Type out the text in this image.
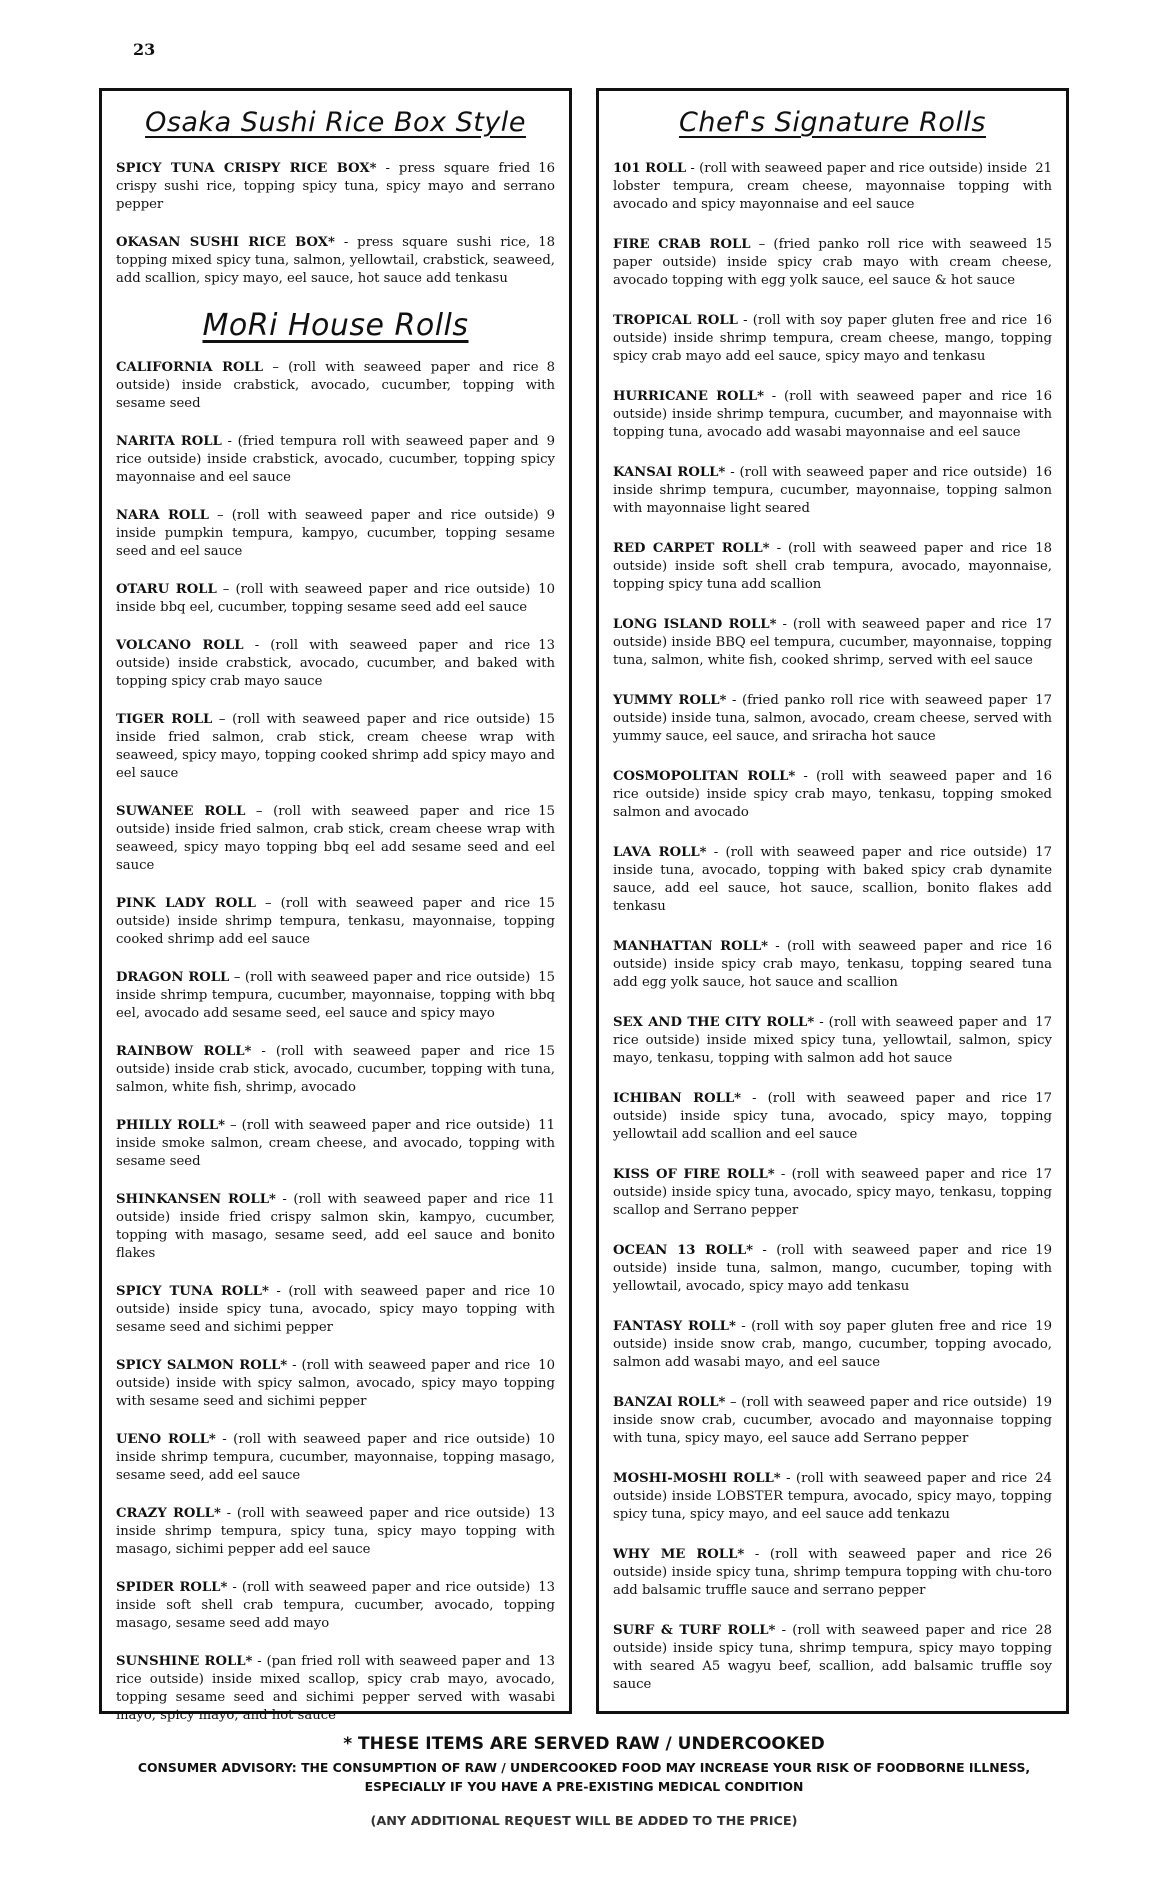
23
Osaka Sushi Rice Box Style
16
SPICY TUNA CRISPY RICE BOX* - press square fried crispy sushi rice, topping spicy tuna, spicy mayo and serrano pepper
18
OKASAN SUSHI RICE BOX* - press square sushi rice, topping mixed spicy tuna, salmon, yellowtail, crabstick, seaweed, add scallion, spicy mayo, eel sauce, hot sauce add tenkasu
MoRi House Rolls
8
CALIFORNIA ROLL – (roll with seaweed paper and rice outside) inside crabstick, avocado, cucumber, topping with sesame seed
9
NARITA ROLL - (fried tempura roll with seaweed paper and rice outside) inside crabstick, avocado, cucumber, topping spicy mayonnaise and eel sauce
9
NARA ROLL – (roll with seaweed paper and rice outside) inside pumpkin tempura, kampyo, cucumber, topping sesame seed and eel sauce
10
OTARU ROLL – (roll with seaweed paper and rice outside) inside bbq eel, cucumber, topping sesame seed add eel sauce
13
VOLCANO ROLL - (roll with seaweed paper and rice outside) inside crabstick, avocado, cucumber, and baked with topping spicy crab mayo sauce
15
TIGER ROLL – (roll with seaweed paper and rice outside) inside fried salmon, crab stick, cream cheese wrap with seaweed, spicy mayo, topping cooked shrimp add spicy mayo and eel sauce
15
SUWANEE ROLL – (roll with seaweed paper and rice outside) inside fried salmon, crab stick, cream cheese wrap with seaweed, spicy mayo topping bbq eel add sesame seed and eel sauce
15
PINK LADY ROLL – (roll with seaweed paper and rice outside) inside shrimp tempura, tenkasu, mayonnaise, topping cooked shrimp add eel sauce
15
DRAGON ROLL – (roll with seaweed paper and rice outside) inside shrimp tempura, cucumber, mayonnaise, topping with bbq eel, avocado add sesame seed, eel sauce and spicy mayo
15
RAINBOW ROLL* - (roll with seaweed paper and rice outside) inside crab stick, avocado, cucumber, topping with tuna, salmon, white fish, shrimp, avocado
11
PHILLY ROLL* – (roll with seaweed paper and rice outside) inside smoke salmon, cream cheese, and avocado, topping with sesame seed
11
SHINKANSEN ROLL* - (roll with seaweed paper and rice outside) inside fried crispy salmon skin, kampyo, cucumber, topping with masago, sesame seed, add eel sauce and bonito flakes
10
SPICY TUNA ROLL* - (roll with seaweed paper and rice outside) inside spicy tuna, avocado, spicy mayo topping with sesame seed and sichimi pepper
10
SPICY SALMON ROLL* - (roll with seaweed paper and rice outside) inside with spicy salmon, avocado, spicy mayo topping with sesame seed and sichimi pepper
10
UENO ROLL* - (roll with seaweed paper and rice outside) inside shrimp tempura, cucumber, mayonnaise, topping masago, sesame seed, add eel sauce
13
CRAZY ROLL* - (roll with seaweed paper and rice outside) inside shrimp tempura, spicy tuna, spicy mayo topping with masago, sichimi pepper add eel sauce
13
SPIDER ROLL* - (roll with seaweed paper and rice outside) inside soft shell crab tempura, cucumber, avocado, topping masago, sesame seed add mayo
13
SUNSHINE ROLL* - (pan fried roll with seaweed paper and rice outside) inside mixed scallop, spicy crab mayo, avocado, topping sesame seed and sichimi pepper served with wasabi mayo, spicy mayo, and hot sauce
Chef's Signature Rolls
21
101 ROLL - (roll with seaweed paper and rice outside) inside lobster tempura, cream cheese, mayonnaise topping with avocado and spicy mayonnaise and eel sauce
15
FIRE CRAB ROLL – (fried panko roll rice with seaweed paper outside) inside spicy crab mayo with cream cheese, avocado topping with egg yolk sauce, eel sauce & hot sauce
16
TROPICAL ROLL - (roll with soy paper gluten free and rice outside) inside shrimp tempura, cream cheese, mango, topping spicy crab mayo add eel sauce, spicy mayo and tenkasu
16
HURRICANE ROLL* - (roll with seaweed paper and rice outside) inside shrimp tempura, cucumber, and mayonnaise with topping tuna, avocado add wasabi mayonnaise and eel sauce
16
KANSAI ROLL* - (roll with seaweed paper and rice outside) inside shrimp tempura, cucumber, mayonnaise, topping salmon with mayonnaise light seared
18
RED CARPET ROLL* - (roll with seaweed paper and rice outside) inside soft shell crab tempura, avocado, mayonnaise, topping spicy tuna add scallion
17
LONG ISLAND ROLL* - (roll with seaweed paper and rice outside) inside BBQ eel tempura, cucumber, mayonnaise, topping tuna, salmon, white fish, cooked shrimp, served with eel sauce
17
YUMMY ROLL* - (fried panko roll rice with seaweed paper outside) inside tuna, salmon, avocado, cream cheese, served with yummy sauce, eel sauce, and sriracha hot sauce
16
COSMOPOLITAN ROLL* - (roll with seaweed paper and rice outside) inside spicy crab mayo, tenkasu, topping smoked salmon and avocado
17
LAVA ROLL* - (roll with seaweed paper and rice outside) inside tuna, avocado, topping with baked spicy crab dynamite sauce, add eel sauce, hot sauce, scallion, bonito flakes add tenkasu
16
MANHATTAN ROLL* - (roll with seaweed paper and rice outside) inside spicy crab mayo, tenkasu, topping seared tuna add egg yolk sauce, hot sauce and scallion
17
SEX AND THE CITY ROLL* - (roll with seaweed paper and rice outside) inside mixed spicy tuna, yellowtail, salmon, spicy mayo, tenkasu, topping with salmon add hot sauce
17
ICHIBAN ROLL* - (roll with seaweed paper and rice outside) inside spicy tuna, avocado, spicy mayo, topping yellowtail add scallion and eel sauce
17
KISS OF FIRE ROLL* - (roll with seaweed paper and rice outside) inside spicy tuna, avocado, spicy mayo, tenkasu, topping scallop and Serrano pepper
19
OCEAN 13 ROLL* - (roll with seaweed paper and rice outside) inside tuna, salmon, mango, cucumber, toping with yellowtail, avocado, spicy mayo add tenkasu
19
FANTASY ROLL* - (roll with soy paper gluten free and rice outside) inside snow crab, mango, cucumber, topping avocado, salmon add wasabi mayo, and eel sauce
19
BANZAI ROLL* – (roll with seaweed paper and rice outside) inside snow crab, cucumber, avocado and mayonnaise topping with tuna, spicy mayo, eel sauce add Serrano pepper
24
MOSHI-MOSHI ROLL* - (roll with seaweed paper and rice outside) inside LOBSTER tempura, avocado, spicy mayo, topping spicy tuna, spicy mayo, and eel sauce add tenkazu
26
WHY ME ROLL* - (roll with seaweed paper and rice outside) inside spicy tuna, shrimp tempura topping with chu-toro add balsamic truffle sauce and serrano pepper
28
SURF & TURF ROLL* - (roll with seaweed paper and rice outside) inside spicy tuna, shrimp tempura, spicy mayo topping with seared A5 wagyu beef, scallion, add balsamic truffle soy sauce
* THESE ITEMS ARE SERVED RAW / UNDERCOOKED
CONSUMER ADVISORY: THE CONSUMPTION OF RAW / UNDERCOOKED FOOD MAY INCREASE YOUR RISK OF FOODBORNE ILLNESS,
ESPECIALLY IF YOU HAVE A PRE-EXISTING MEDICAL CONDITION
(ANY ADDITIONAL REQUEST WILL BE ADDED TO THE PRICE)
